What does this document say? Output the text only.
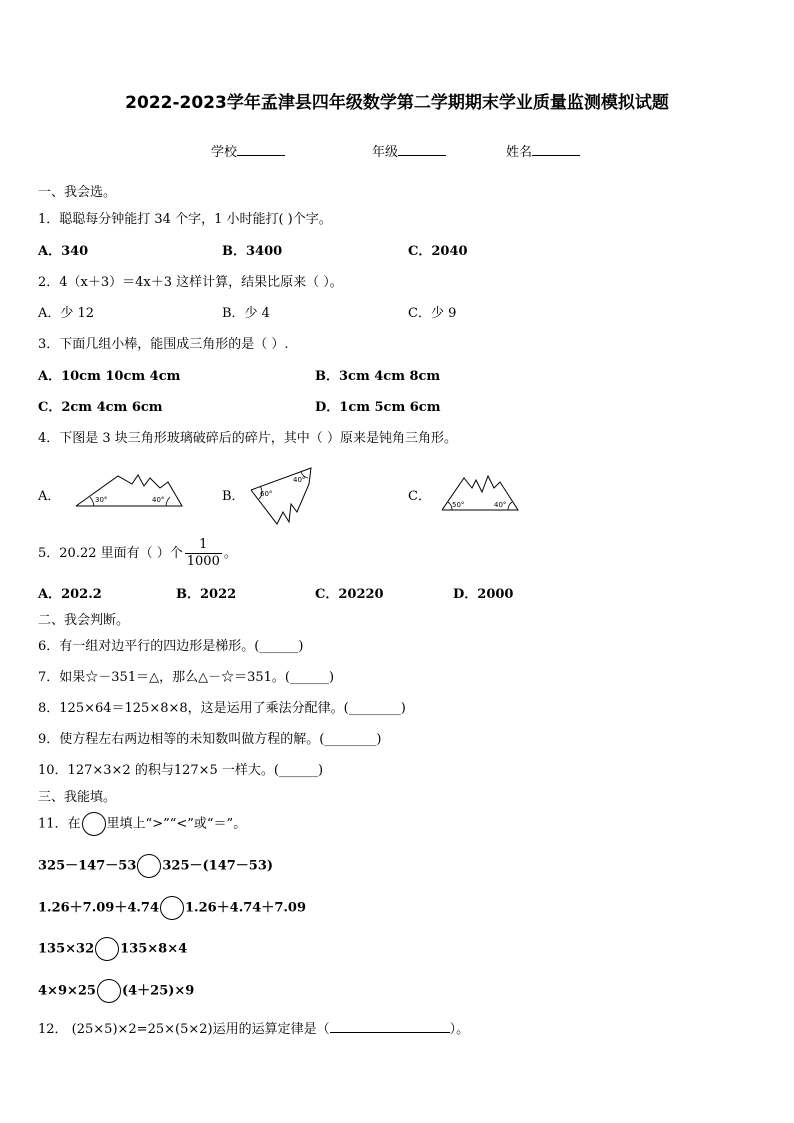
2022-2023学年孟津县四年级数学第二学期期末学业质量监测模拟试题
学校	年级	姓名
一、我会选。
1．聪聪每分钟能打 34 个字，1 小时能打( )个字。
A．340	B．3400	C．2040
2．4（x＋3）＝4x＋3 这样计算，结果比原来（ ）。
A．少 12	B．少 4	C．少 9
3．下面几组小棒，能围成三角形的是（ ）.
A．10cm 10cm 4cm	B．3cm 4cm 8cm
C．2cm 4cm 6cm	D．1cm 5cm 6cm
4．下图是 3 块三角形玻璃破碎后的碎片，其中（ ）原来是钝角三角形。
A．	B．	C．
30°	40°
60°
40°
50°	40°
5．20.22 里面有（ ）个 $\frac{1}{1000}$ 。
A．202.2	B．2022	C．20220	D．2000
二、我会判断。
6．有一组对边平行的四边形是梯形。(______)
7．如果☆－351＝△，那么△－☆＝351。(______)
8．125×64＝125×8×8，这是运用了乘法分配律。(________)
9．使方程左右两边相等的未知数叫做方程的解。(________)
10．127×3×2 的积与127×5 一样大。(______)
三、我能填。
11．在 里填上“>”“<”或“＝”。
325－147－53 325－(147－53)
1.26＋7.09＋4.74 1.26＋4.74＋7.09
135×32 135×8×4
4×9×25 (4＋25)×9
12． (25×5)×2=25×(5×2)运用的运算定律是（	）。
